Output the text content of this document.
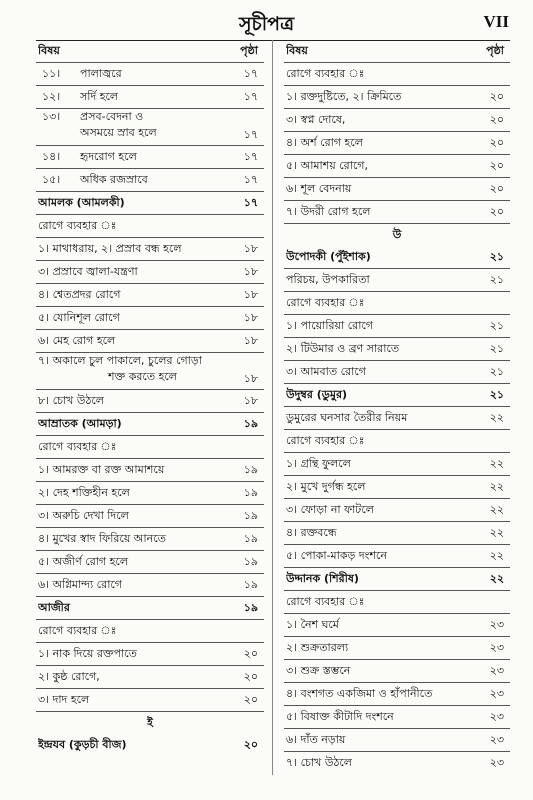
সূচীপত্র	VII
বিষয়	পৃষ্ঠা
১১। পালাজ্বরে	১৭
১২। সর্দি হলে	১৭
১৩। প্রসব-বেদনা ও
অসময়ে স্রাব হলে	১৭
১৪। হৃদরোগ হলে	১৭
১৫। অধিক রজস্রাবে	১৭
আমলক (আমলকী)	১৭
রোগে ব্যবহার ঃ
১। মাথাধরায়, ২। প্রস্রাব বন্ধ হলে	১৮
৩। প্রস্রাবে জ্বালা-যন্ত্রণা	১৮
৪। শ্বেতপ্রদর রোগে	১৮
৫। যোনিশূল রোগে	১৮
৬। মেহ রোগ হলে	১৮
৭। অকালে চুল পাকালে, চুলের গোড়া
শক্ত করতে হলে	১৮
৮। চোখ উঠলে	১৮
আম্রাতক (আমড়া)	১৯
রোগে ব্যবহার ঃ
১। আমরক্ত বা রক্ত আমাশয়ে	১৯
২। দেহ শক্তিহীন হলে	১৯
৩। অরুচি দেখা দিলে	১৯
৪। মুখের স্বাদ ফিরিয়ে আনতে	১৯
৫। অজীর্ণ রোগ হলে	১৯
৬। অগ্নিমান্দ্য রোগে	১৯
আজীর	১৯
রোগে ব্যবহার ঃ
১। নাক দিয়ে রক্তপাতে	২০
২। কুষ্ঠ রোগে,	২০
৩। দাদ হলে	২০
ই
ইন্দ্রযব (কুড়চী বীজ)	২০
বিষয়	পৃষ্ঠা
রোগে ব্যবহার ঃ
১। রক্তদুষ্টিতে, ২। ক্রিমিতে	২০
৩। স্বপ্ন দোষে,	২০
৪। অর্শ রোগ হলে	২০
৫। আমাশয় রোগে,	২০
৬। শূল বেদনায়	২০
৭। উদরী রোগ হলে	২০
উ
উপোদকী (পুঁইশাক)	২১
পরিচয়, উপকারিতা	২১
রোগে ব্যবহার ঃ
১। পায়োরিয়া রোগে	২১
২। টিউমার ও ব্রণ সারাতে	২১
৩। আমবাত রোগে	২১
উদুম্বর (ডুমুর)	২১
ডুমুরের ঘনসার তৈরীর নিয়ম	২২
রোগে ব্যবহার ঃ
১। গ্রন্থি ফুললে	২২
২। মুখে দুর্গন্ধ হলে	২২
৩। ফোড়া না ফাটলে	২২
৪। রক্তবন্ধে	২২
৫। পোকা-মাকড় দংশনে	২২
উদ্দানক (শিরীষ)	২২
রোগে ব্যবহার ঃ
১। নৈশ ঘর্মে	২৩
২। শুক্রতারল্য	২৩
৩। শুক্র স্তম্ভনে	২৩
৪। বংশগত একজিমা ও হাঁপানীতে	২৩
৫। বিষাক্ত কীটাদি দংশনে	২৩
৬। দাঁত নড়ায়	২৩
৭। চোখ উঠলে	২৩
